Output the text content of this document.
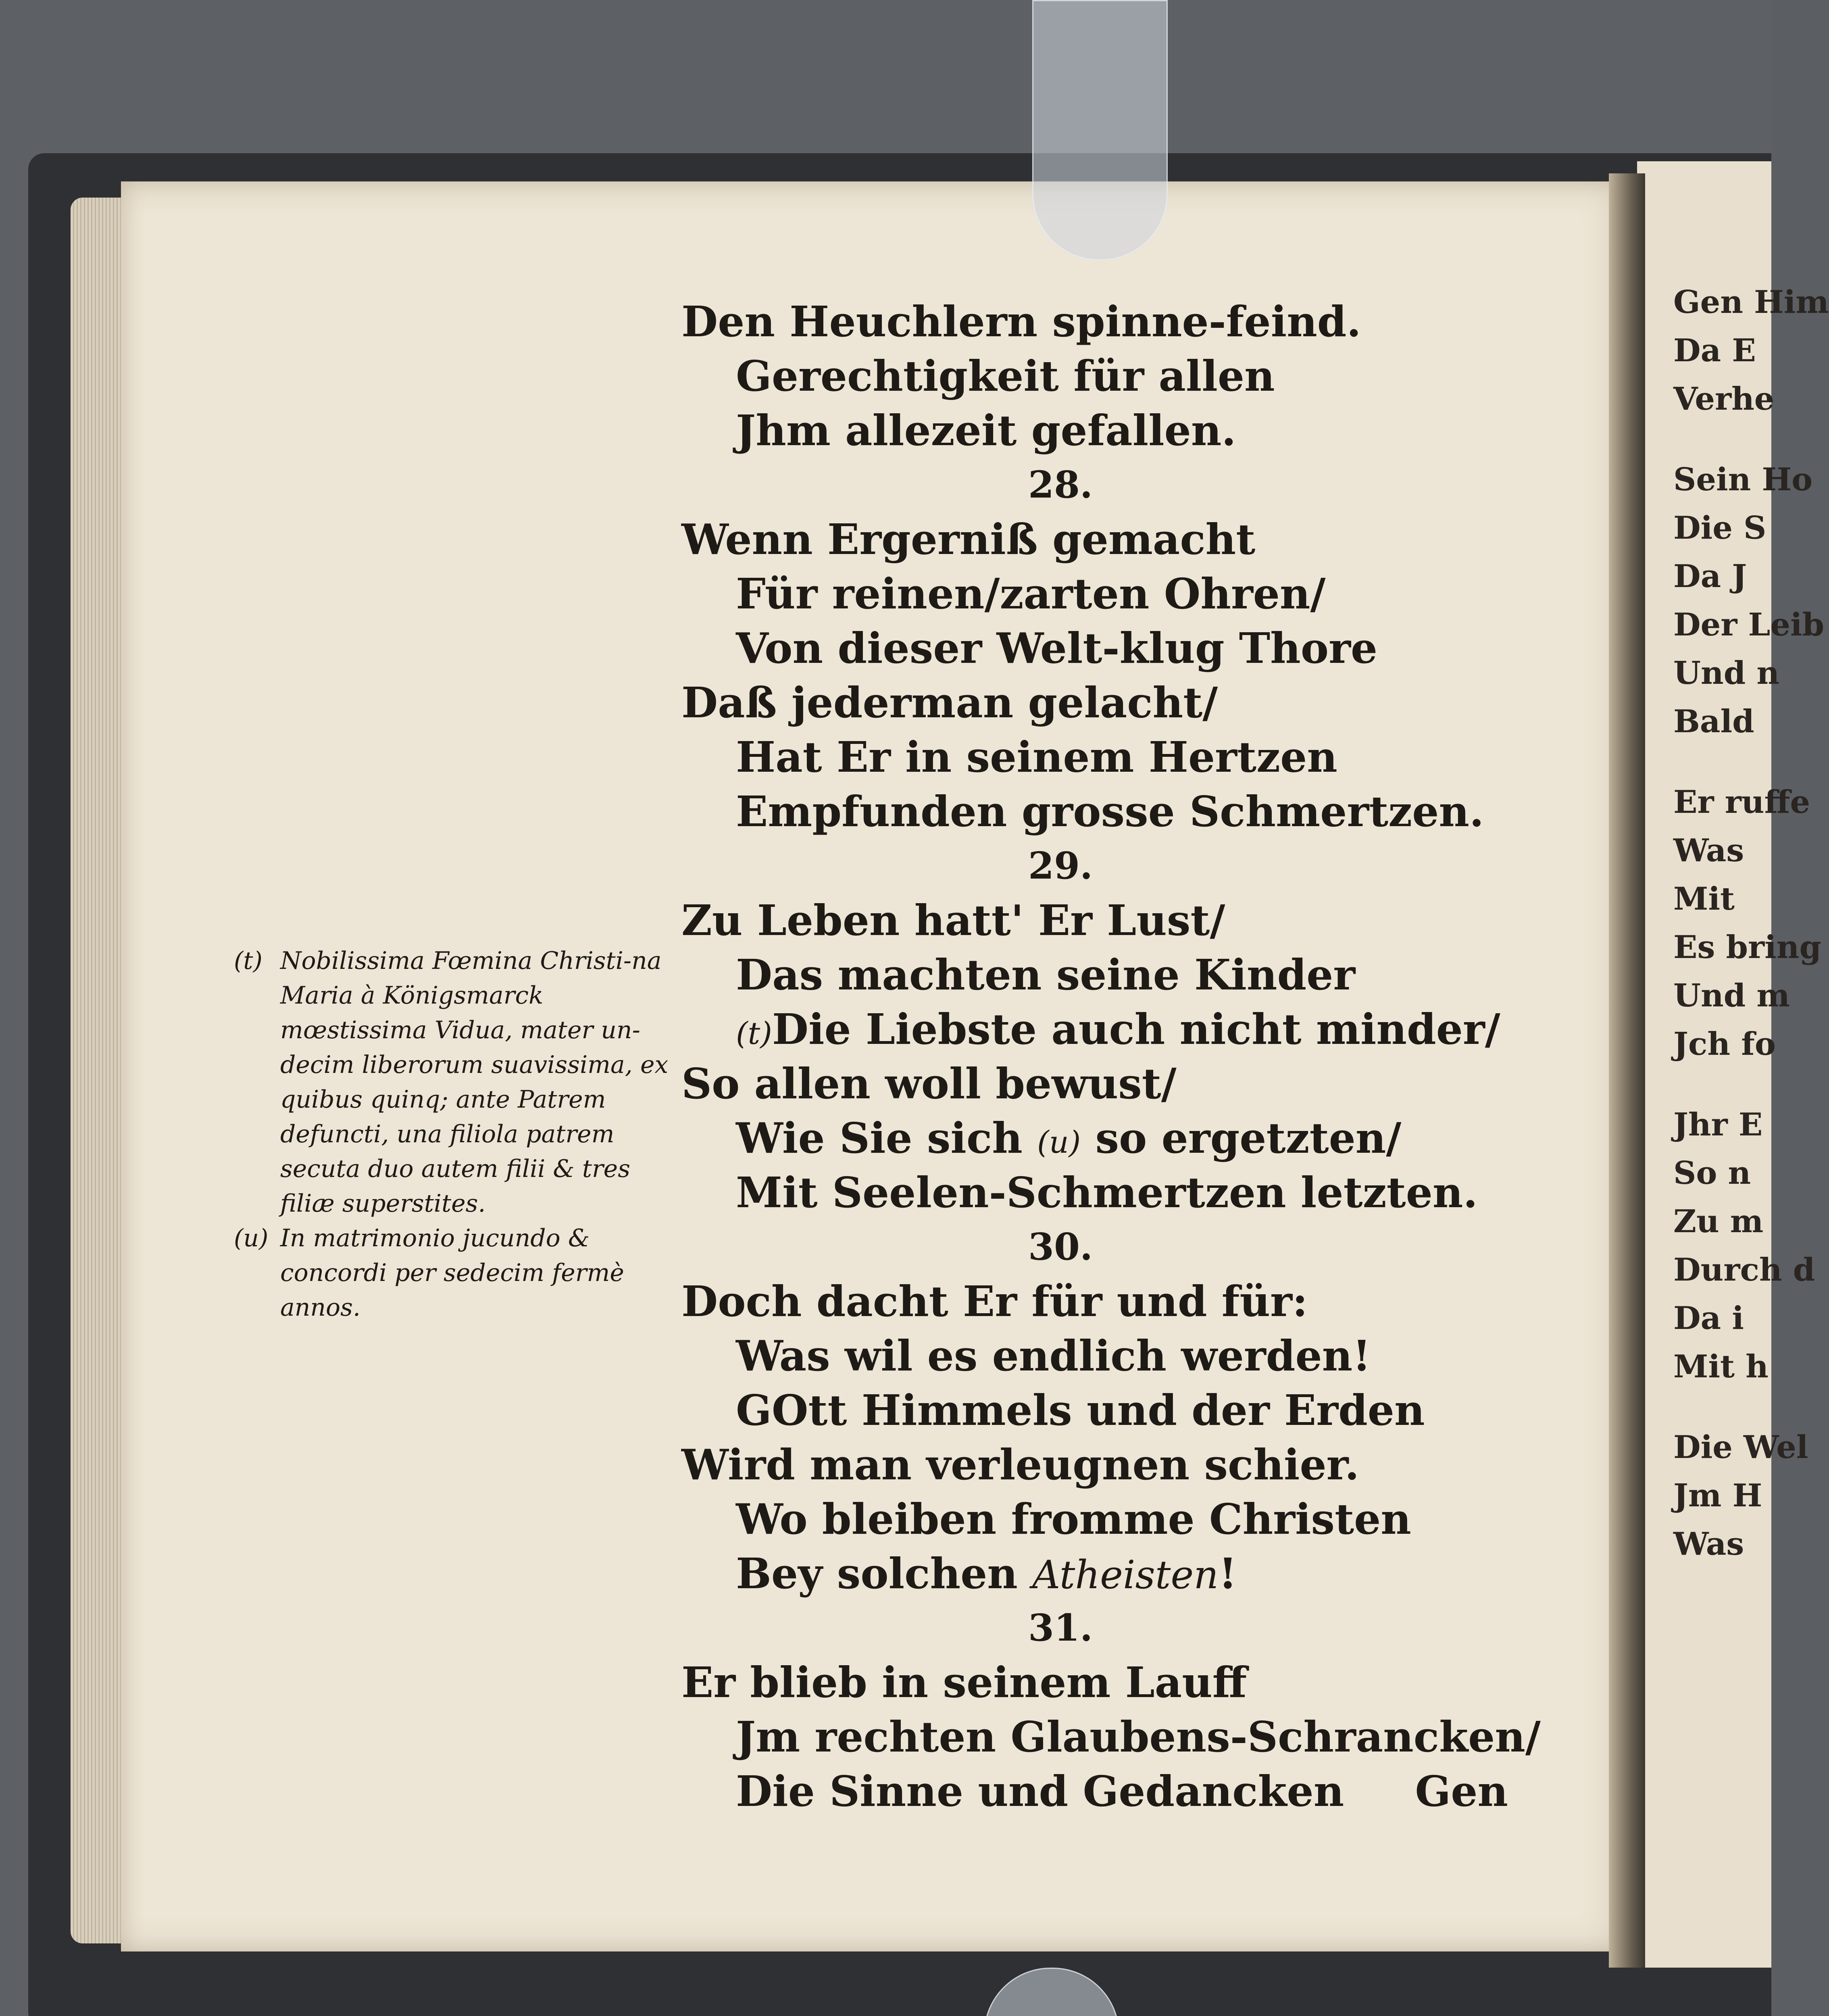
Den Heuchlern spinne-feind.
Gerechtigkeit für allen
Jhm allezeit gefallen.
28.
Wenn Ergerniß gemacht
Für reinen/zarten Ohren/
Von dieser Welt-klug Thore
Daß jederman gelacht/
Hat Er in seinem Hertzen
Empfunden grosse Schmertzen.
29.
Zu Leben hatt' Er Lust/
Das machten seine Kinder
(t)Die Liebste auch nicht minder/
So allen woll bewust/
Wie Sie sich (u) so ergetzten/
Mit Seelen-Schmertzen letzten.
30.
Doch dacht Er für und für:
Was wil es endlich werden!
GOtt Himmels und der Erden
Wird man verleugnen schier.
Wo bleiben fromme Christen
Bey solchen Atheisten!
31.
Er blieb in seinem Lauff
Jm rechten Glaubens-Schrancken/
Die Sinne und Gedancken Gen
(t) Nobilissima Fœmina Christi-na Maria à Königsmarck mœstissima Vidua, mater un-decim liberorum suavissima, ex quibus quinq; ante Patrem defuncti, una filiola patrem secuta duo autem filii & tres filiæ superstites.
(u) In matrimonio jucundo & concordi per sedecim fermè annos.
Gen Him
Da E
Verhe
Sein Ho
Die S
Da J
Der Leib
Und n
Bald
Er ruffe
Was
Mit
Es bring
Und m
Jch fo
Jhr E
So n
Zu m
Durch d
Da i
Mit h
Die Wel
Jm H
Was
